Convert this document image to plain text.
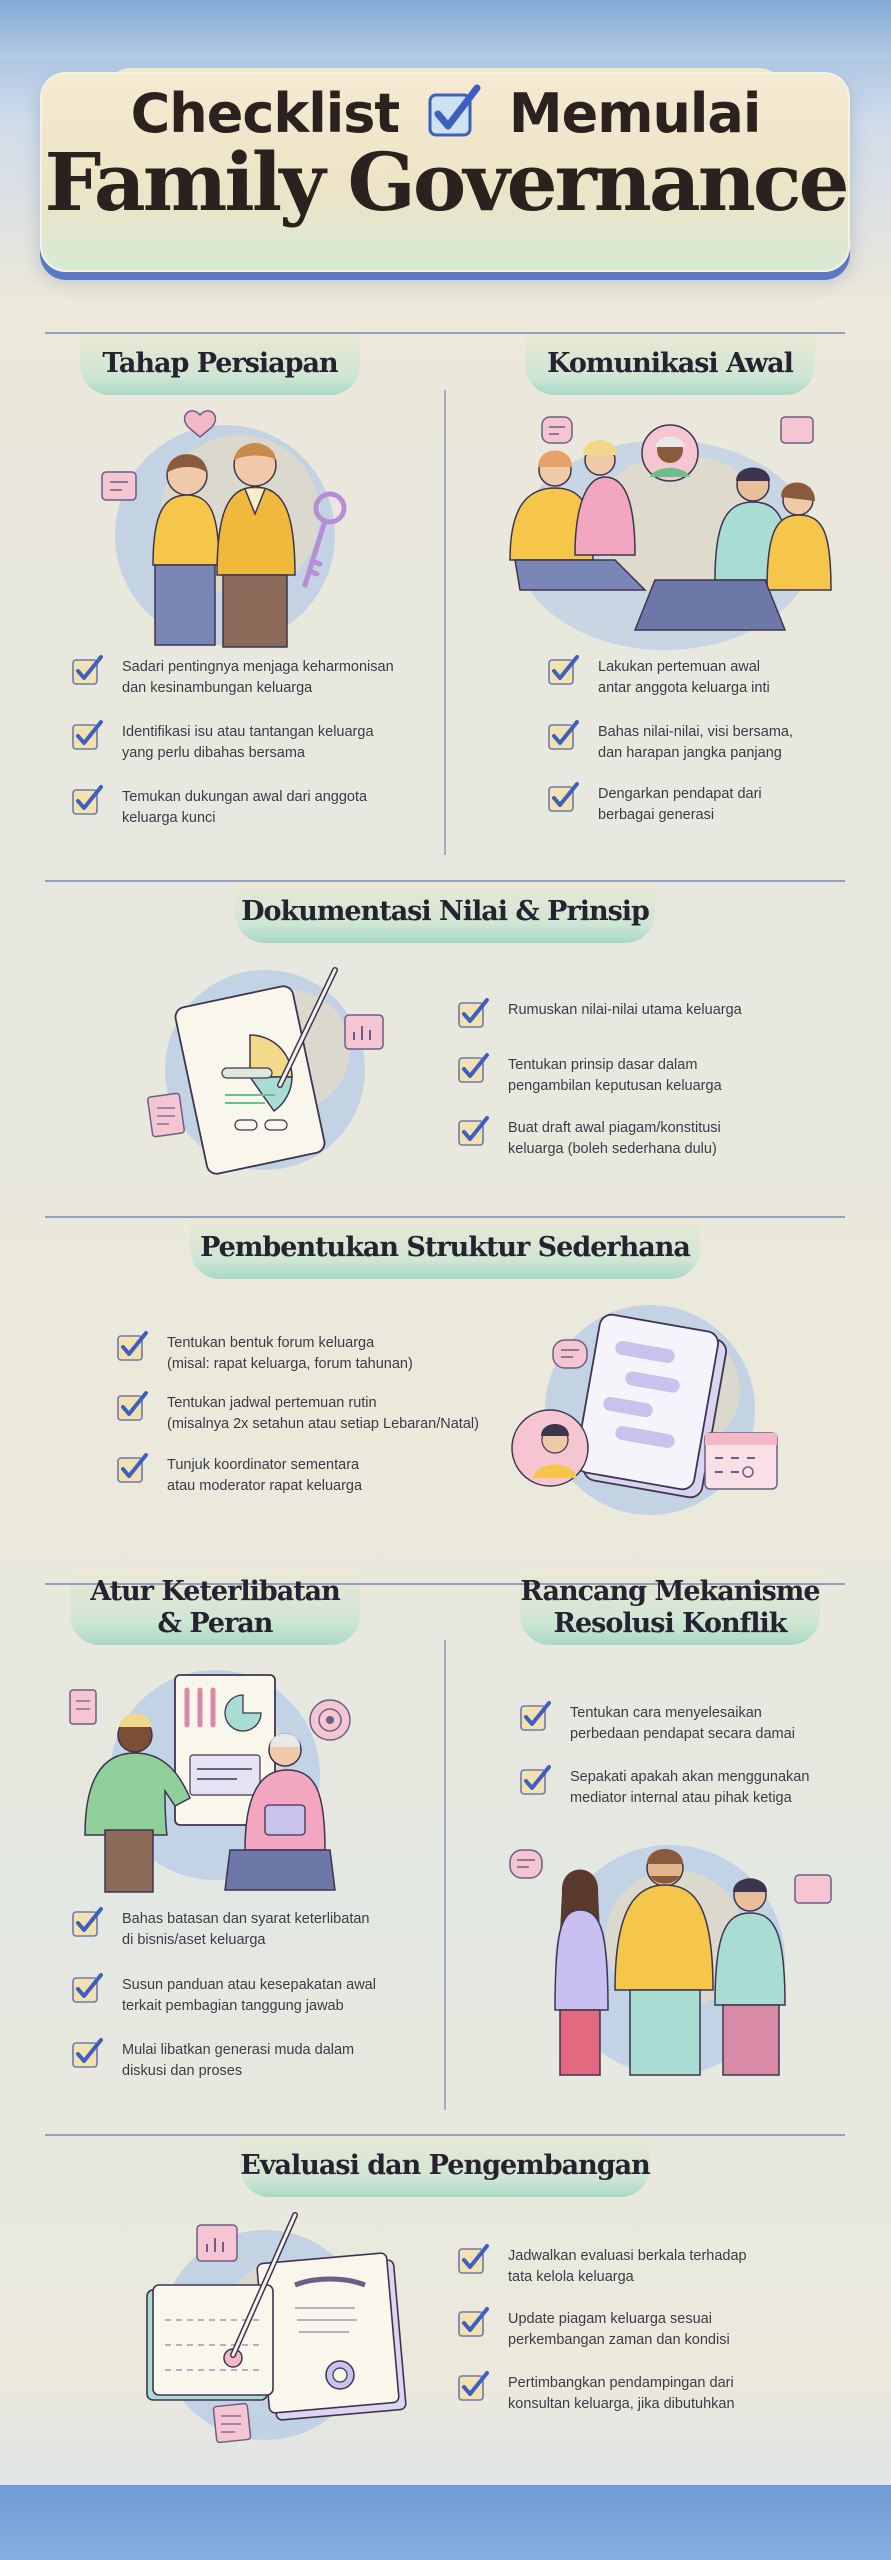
Checklist Memulai
Family Governance
Tahap Persiapan	Komunikasi Awal
Sadari pentingnya menjaga keharmonisan
dan kesinambungan keluarga
Identifikasi isu atau tantangan keluarga
yang perlu dibahas bersama
Temukan dukungan awal dari anggota
keluarga kunci
Lakukan pertemuan awal
antar anggota keluarga inti
Bahas nilai-nilai, visi bersama,
dan harapan jangka panjang
Dengarkan pendapat dari
berbagai generasi
Dokumentasi Nilai & Prinsip
Rumuskan nilai-nilai utama keluarga
Tentukan prinsip dasar dalam
pengambilan keputusan keluarga
Buat draft awal piagam/konstitusi
keluarga (boleh sederhana dulu)
Pembentukan Struktur Sederhana
Tentukan bentuk forum keluarga
(misal: rapat keluarga, forum tahunan)
Tentukan jadwal pertemuan rutin
(misalnya 2x setahun atau setiap Lebaran/Natal)
Tunjuk koordinator sementara
atau moderator rapat keluarga
Atur Keterlibatan
& Peran
Rancang Mekanisme
Resolusi Konflik
Bahas batasan dan syarat keterlibatan
di bisnis/aset keluarga
Susun panduan atau kesepakatan awal
terkait pembagian tanggung jawab
Mulai libatkan generasi muda dalam
diskusi dan proses
Tentukan cara menyelesaikan
perbedaan pendapat secara damai
Sepakati apakah akan menggunakan
mediator internal atau pihak ketiga
Evaluasi dan Pengembangan
Jadwalkan evaluasi berkala terhadap
tata kelola keluarga
Update piagam keluarga sesuai
perkembangan zaman dan kondisi
Pertimbangkan pendampingan dari
konsultan keluarga, jika dibutuhkan
